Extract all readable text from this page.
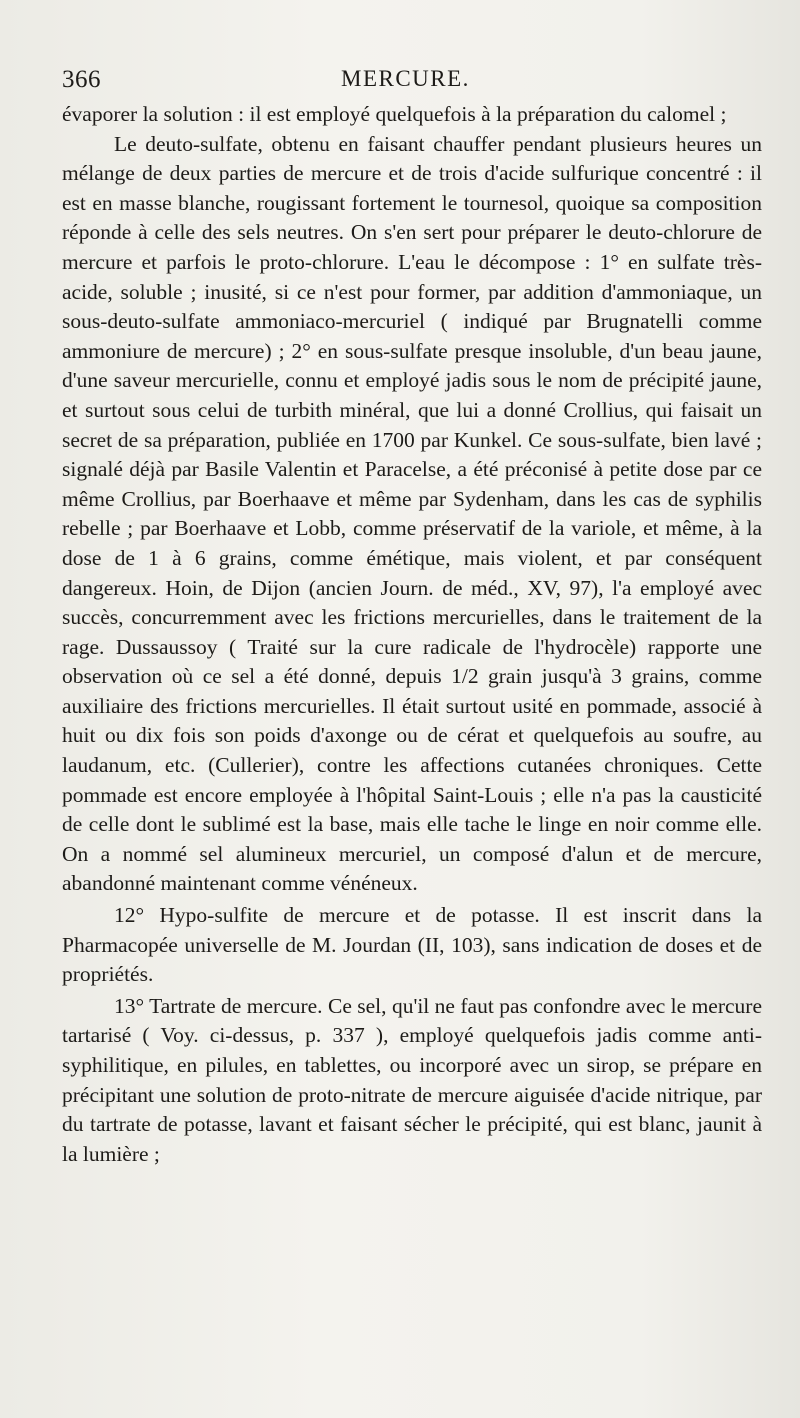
366	MERCURE.

évaporer la solution : il est employé quelquefois à la préparation du calomel ;

Le deuto-sulfate, obtenu en faisant chauffer pendant plusieurs heures un mélange de deux parties de mercure et de trois d'acide sulfurique concentré : il est en masse blanche, rougissant fortement le tournesol, quoique sa composition réponde à celle des sels neutres. On s'en sert pour préparer le deuto-chlorure de mercure et parfois le proto-chlorure. L'eau le décompose : 1° en sulfate très-acide, soluble ; inusité, si ce n'est pour former, par addition d'ammoniaque, un sous-deuto-sulfate ammoniaco-mercuriel ( indiqué par Brugnatelli comme ammoniure de mercure) ; 2° en sous-sulfate presque insoluble, d'un beau jaune, d'une saveur mercurielle, connu et employé jadis sous le nom de précipité jaune, et surtout sous celui de turbith minéral, que lui a donné Crollius, qui faisait un secret de sa préparation, publiée en 1700 par Kunkel. Ce sous-sulfate, bien lavé ; signalé déjà par Basile Valentin et Paracelse, a été préconisé à petite dose par ce même Crollius, par Boerhaave et même par Sydenham, dans les cas de syphilis rebelle ; par Boerhaave et Lobb, comme préservatif de la variole, et même, à la dose de 1 à 6 grains, comme émétique, mais violent, et par conséquent dangereux. Hoin, de Dijon (ancien Journ. de méd., XV, 97), l'a employé avec succès, concurremment avec les frictions mercurielles, dans le traitement de la rage. Dussaussoy ( Traité sur la cure radicale de l'hydrocèle) rapporte une observation où ce sel a été donné, depuis 1/2 grain jusqu'à 3 grains, comme auxiliaire des frictions mercurielles. Il était surtout usité en pommade, associé à huit ou dix fois son poids d'axonge ou de cérat et quelquefois au soufre, au laudanum, etc. (Cullerier), contre les affections cutanées chroniques. Cette pommade est encore employée à l'hôpital Saint-Louis ; elle n'a pas la causticité de celle dont le sublimé est la base, mais elle tache le linge en noir comme elle. On a nommé sel alumineux mercuriel, un composé d'alun et de mercure, abandonné maintenant comme vénéneux.

12° Hypo-sulfite de mercure et de potasse. Il est inscrit dans la Pharmacopée universelle de M. Jourdan (II, 103), sans indication de doses et de propriétés.

13° Tartrate de mercure. Ce sel, qu'il ne faut pas confondre avec le mercure tartarisé ( Voy. ci-dessus, p. 337 ), employé quelquefois jadis comme anti-syphilitique, en pilules, en tablettes, ou incorporé avec un sirop, se prépare en précipitant une solution de proto-nitrate de mercure aiguisée d'acide nitrique, par du tartrate de potasse, lavant et faisant sécher le précipité, qui est blanc, jaunit à la lumière ;
